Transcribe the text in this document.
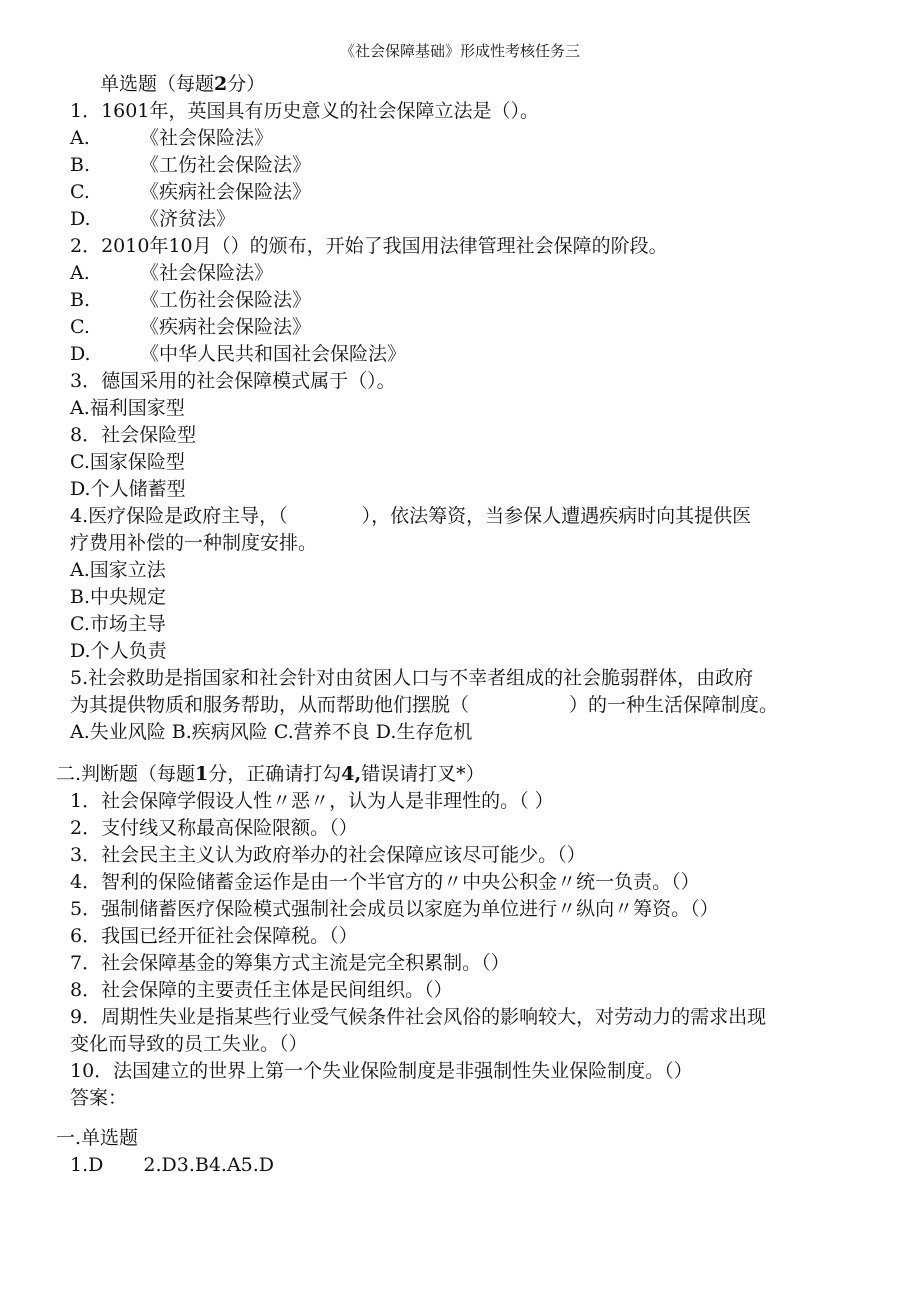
《社会保障基础》形成性考核任务三
单选题（每题2分）
1．1601年，英国具有历史意义的社会保障立法是（）。
A.	《社会保险法》
B.	《工伤社会保险法》
C.	《疾病社会保险法》
D.	《济贫法》
2．2010年10月（）的颁布，开始了我国用法律管理社会保障的阶段。
A.	《社会保险法》
B.	《工伤社会保险法》
C.	《疾病社会保险法》
D.	《中华人民共和国社会保险法》
3．德国采用的社会保障模式属于（）。
A.福利国家型
8．社会保险型
C.国家保险型
D.个人储蓄型
4.医疗保险是政府主导，（	），依法筹资，当参保人遭遇疾病时向其提供医
疗费用补偿的一种制度安排。
A.国家立法
B.中央规定
C.市场主导
D.个人负责
5.社会救助是指国家和社会针对由贫困人口与不幸者组成的社会脆弱群体，由政府
为其提供物质和服务帮助，从而帮助他们摆脱（	）的一种生活保障制度。
A.失业风险 B.疾病风险 C.营养不良 D.生存危机
二.判断题（每题1分，正确请打勾4,错误请打叉*）
1．社会保障学假设人性〃恶〃，认为人是非理性的。（ ）
2．支付线又称最高保险限额。（）
3．社会民主主义认为政府举办的社会保障应该尽可能少。（）
4．智利的保险储蓄金运作是由一个半官方的〃中央公积金〃统一负责。（）
5．强制储蓄医疗保险模式强制社会成员以家庭为单位进行〃纵向〃筹资。（）
6．我国已经开征社会保障税。（）
7．社会保障基金的筹集方式主流是完全积累制。（）
8．社会保障的主要责任主体是民间组织。（）
9．周期性失业是指某些行业受气候条件社会风俗的影响较大，对劳动力的需求出现
变化而导致的员工失业。（）
10．法国建立的世界上第一个失业保险制度是非强制性失业保险制度。（）
答案：
一.单选题
1.D 2.D3.B4.A5.D
